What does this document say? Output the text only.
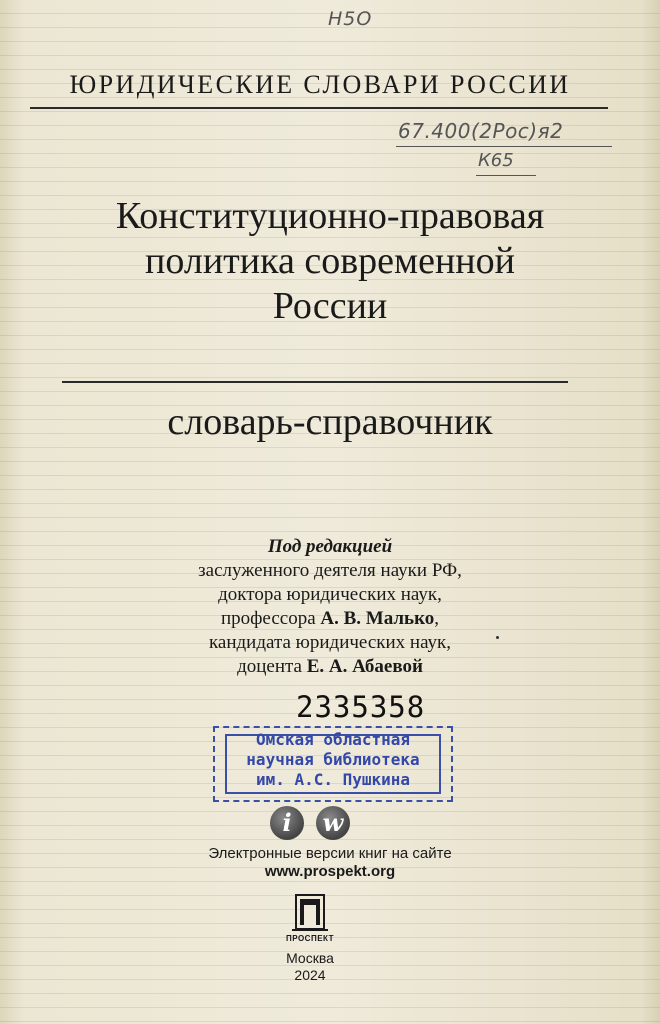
Н5О
67.400(2Рос)я2
К65
ЮРИДИЧЕСКИЕ СЛОВАРИ РОССИИ
Конституционно-правовая
политика современной
России
словарь-справочник
Под редакцией
заслуженного деятеля науки РФ,
доктора юридических наук,
профессора А. В. Малько,
кандидата юридических наук,
доцента Е. А. Абаевой
2335358
Омская областная
научная библиотека
им. А.С. Пушкина
i	w
Электронные версии книг на сайте
www.prospekt.org
ПРОСПЕКТ
Москва
2024
